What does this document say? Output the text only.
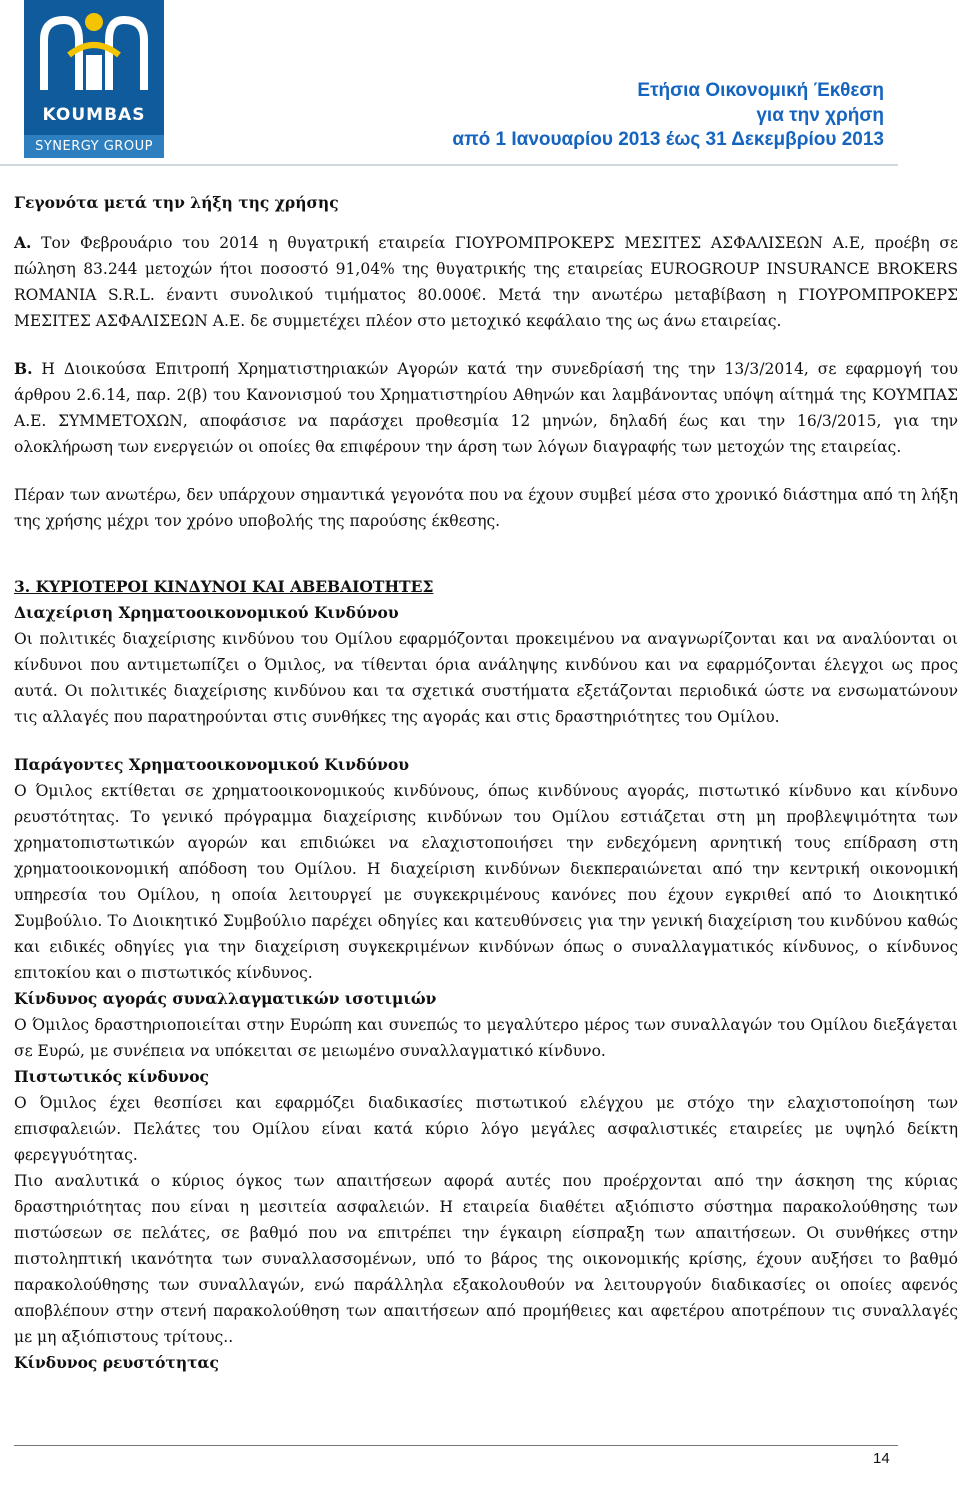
KOUMBAS
SYNERGY GROUP
Ετήσια Οικονομική Έκθεση
για την χρήση
από 1 Ιανουαρίου 2013 έως 31 Δεκεμβρίου 2013

Γεγονότα μετά την λήξη της χρήσης

Α. Τον Φεβρουάριο του 2014 η θυγατρική εταιρεία ΓΙΟΥΡΟΜΠΡΟΚΕΡΣ ΜΕΣΙΤΕΣ ΑΣΦΑΛΙΣΕΩΝ Α.Ε, προέβη σε πώληση 83.244 μετοχών ήτοι ποσοστό 91,04% της θυγατρικής της εταιρείας EUROGROUP INSURANCE BROKERS ROMANIA S.R.L. έναντι συνολικού τιμήματος 80.000€. Μετά την ανωτέρω μεταβίβαση η ΓΙΟΥΡΟΜΠΡΟΚΕΡΣ ΜΕΣΙΤΕΣ ΑΣΦΑΛΙΣΕΩΝ Α.Ε. δε συμμετέχει πλέον στο μετοχικό κεφάλαιο της ως άνω εταιρείας.

Β. Η Διοικούσα Επιτροπή Χρηματιστηριακών Αγορών κατά την συνεδρίασή της την 13/3/2014, σε εφαρμογή του άρθρου 2.6.14, παρ. 2(β) του Κανονισμού του Χρηματιστηρίου Αθηνών και λαμβάνοντας υπόψη αίτημά της ΚΟΥΜΠΑΣ Α.Ε. ΣΥΜΜΕΤΟΧΩΝ, αποφάσισε να παράσχει προθεσμία 12 μηνών, δηλαδή έως και την 16/3/2015, για την ολοκλήρωση των ενεργειών οι οποίες θα επιφέρουν την άρση των λόγων διαγραφής των μετοχών της εταιρείας.

Πέραν των ανωτέρω, δεν υπάρχουν σημαντικά γεγονότα που να έχουν συμβεί μέσα στο χρονικό διάστημα από τη λήξη της χρήσης μέχρι τον χρόνο υποβολής της παρούσης έκθεσης.

3. ΚΥΡΙΟΤΕΡΟΙ ΚΙΝΔΥΝΟΙ ΚΑΙ ΑΒΕΒΑΙΟΤΗΤΕΣ

Διαχείριση Χρηματοοικονομικού Κινδύνου

Οι πολιτικές διαχείρισης κινδύνου του Ομίλου εφαρμόζονται προκειμένου να αναγνωρίζονται και να αναλύονται οι κίνδυνοι που αντιμετωπίζει ο Όμιλος, να τίθενται όρια ανάληψης κινδύνου και να εφαρμόζονται έλεγχοι ως προς αυτά. Οι πολιτικές διαχείρισης κινδύνου και τα σχετικά συστήματα εξετάζονται περιοδικά ώστε να ενσωματώνουν τις αλλαγές που παρατηρούνται στις συνθήκες της αγοράς και στις δραστηριότητες του Ομίλου.

Παράγοντες Χρηματοοικονομικού Κινδύνου

Ο Όμιλος εκτίθεται σε χρηματοοικονομικούς κινδύνους, όπως κινδύνους αγοράς, πιστωτικό κίνδυνο και κίνδυνο ρευστότητας. Το γενικό πρόγραμμα διαχείρισης κινδύνων του Ομίλου εστιάζεται στη μη προβλεψιμότητα των χρηματοπιστωτικών αγορών και επιδιώκει να ελαχιστοποιήσει την ενδεχόμενη αρνητική τους επίδραση στη χρηματοοικονομική απόδοση του Ομίλου. Η διαχείριση κινδύνων διεκπεραιώνεται από την κεντρική οικονομική υπηρεσία του Ομίλου, η οποία λειτουργεί με συγκεκριμένους κανόνες που έχουν εγκριθεί από το Διοικητικό Συμβούλιο. Το Διοικητικό Συμβούλιο παρέχει οδηγίες και κατευθύνσεις για την γενική διαχείριση του κινδύνου καθώς και ειδικές οδηγίες για την διαχείριση συγκεκριμένων κινδύνων όπως ο συναλλαγματικός κίνδυνος, ο κίνδυνος επιτοκίου και ο πιστωτικός κίνδυνος.

Κίνδυνος αγοράς συναλλαγματικών ισοτιμιών

Ο Όμιλος δραστηριοποιείται στην Ευρώπη και συνεπώς το μεγαλύτερο μέρος των συναλλαγών του Ομίλου διεξάγεται σε Ευρώ, με συνέπεια να υπόκειται σε μειωμένο συναλλαγματικό κίνδυνο.

Πιστωτικός κίνδυνος

Ο Όμιλος έχει θεσπίσει και εφαρμόζει διαδικασίες πιστωτικού ελέγχου με στόχο την ελαχιστοποίηση των επισφαλειών. Πελάτες του Ομίλου είναι κατά κύριο λόγο μεγάλες ασφαλιστικές εταιρείες με υψηλό δείκτη φερεγγυότητας.

Πιο αναλυτικά ο κύριος όγκος των απαιτήσεων αφορά αυτές που προέρχονται από την άσκηση της κύριας δραστηριότητας που είναι η μεσιτεία ασφαλειών. Η εταιρεία διαθέτει αξιόπιστο σύστημα παρακολούθησης των πιστώσεων σε πελάτες, σε βαθμό που να επιτρέπει την έγκαιρη είσπραξη των απαιτήσεων. Οι συνθήκες στην πιστοληπτική ικανότητα των συναλλασσομένων, υπό το βάρος της οικονομικής κρίσης, έχουν αυξήσει το βαθμό παρακολούθησης των συναλλαγών, ενώ παράλληλα εξακολουθούν να λειτουργούν διαδικασίες οι οποίες αφενός αποβλέπουν στην στενή παρακολούθηση των απαιτήσεων από προμήθειες και αφετέρου αποτρέπουν τις συναλλαγές με μη αξιόπιστους τρίτους..

Κίνδυνος ρευστότητας

14
